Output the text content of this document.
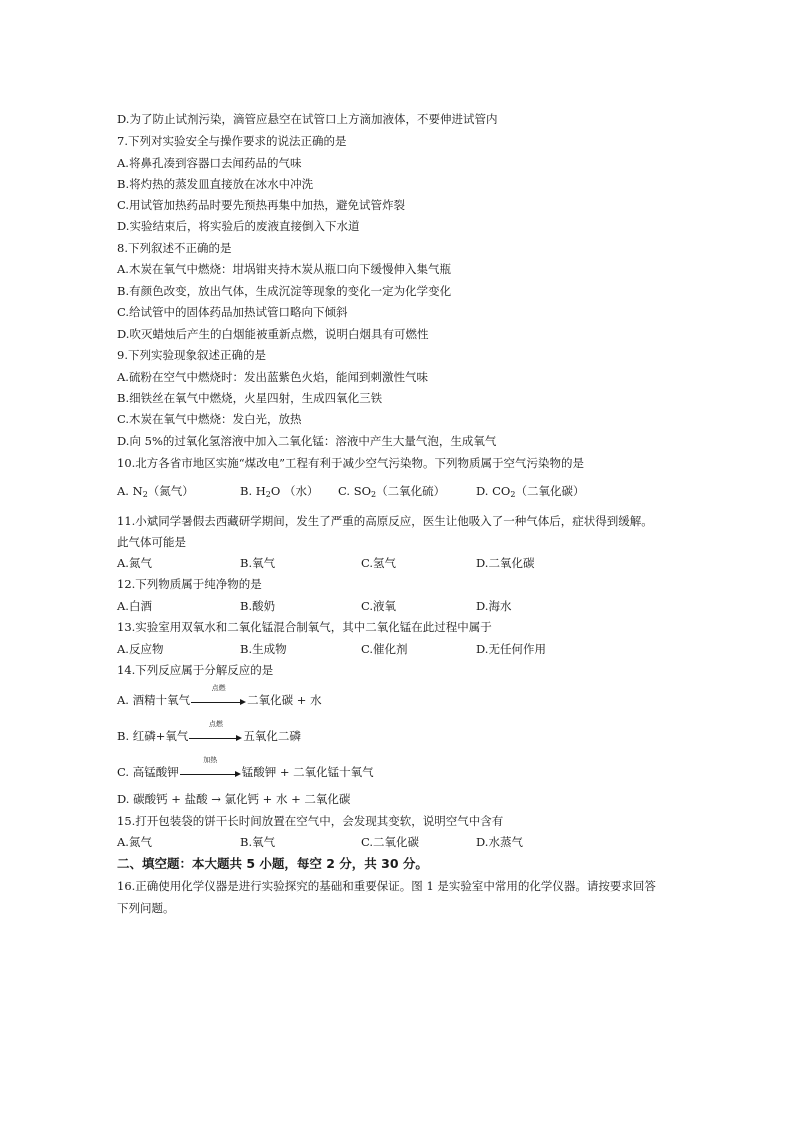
D.为了防止试剂污染，滴管应悬空在试管口上方滴加液体，不要伸进试管内
7.下列对实验安全与操作要求的说法正确的是
A.将鼻孔凑到容器口去闻药品的气味
B.将灼热的蒸发皿直接放在冰水中冲洗
C.用试管加热药品时要先预热再集中加热，避免试管炸裂
D.实验结束后，将实验后的废液直接倒入下水道
8.下列叙述不正确的是
A.木炭在氧气中燃烧：坩埚钳夹持木炭从瓶口向下缓慢伸入集气瓶
B.有颜色改变，放出气体，生成沉淀等现象的变化一定为化学变化
C.给试管中的固体药品加热试管口略向下倾斜
D.吹灭蜡烛后产生的白烟能被重新点燃，说明白烟具有可燃性
9.下列实验现象叙述正确的是
A.硫粉在空气中燃烧时：发出蓝紫色火焰，能闻到刺激性气味
B.细铁丝在氧气中燃烧，火星四射，生成四氧化三铁
C.木炭在氧气中燃烧：发白光，放热
D.向 5%的过氧化氢溶液中加入二氧化锰：溶液中产生大量气泡，生成氧气
10.北方各省市地区实施“煤改电”工程有利于减少空气污染物。下列物质属于空气污染物的是
A. $N_2$（氮气）	B. $H_2O$ （水） C. $SO_2$（二氧化硫）	D. $CO_2$（二氧化碳）
11.小斌同学暑假去西藏研学期间，发生了严重的高原反应，医生让他吸入了一种气体后，症状得到缓解。
此气体可能是
A.氮气	B.氧气	C.氢气	D.二氧化碳
12.下列物质属于纯净物的是
A.白酒	B.酸奶	C.液氧	D.海水
13.实验室用双氧水和二氧化锰混合制氧气，其中二氧化锰在此过程中属于
A.反应物	B.生成物	C.催化剂	D.无任何作用
14.下列反应属于分解反应的是
A. 酒精十氧气
点燃
二氧化碳 + 水
B. 红磷+氧气
点燃
五氧化二磷
C. 高锰酸钾
加热
锰酸钾 + 二氧化锰十氧气
D. 碳酸钙 + 盐酸 → 氯化钙 + 水 + 二氧化碳
15.打开包装袋的饼干长时间放置在空气中，会发现其变软，说明空气中含有
A.氮气	B.氧气	C.二氧化碳	D.水蒸气
二、填空题：本大题共 5 小题，每空 2 分，共 30 分。
16.正确使用化学仪器是进行实验探究的基础和重要保证。图 1 是实验室中常用的化学仪器。请按要求回答
下列问题。
